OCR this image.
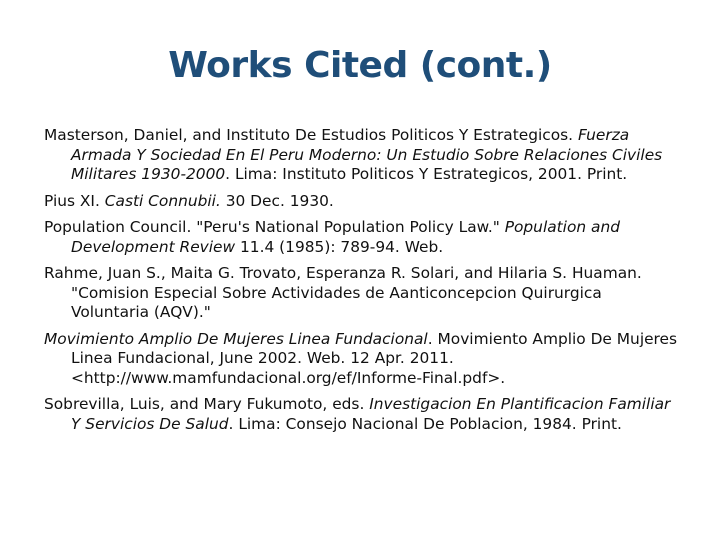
Works Cited (cont.)

Masterson, Daniel, and Instituto De Estudios Politicos Y Estrategicos. Fuerza Armada Y Sociedad En El Peru Moderno: Un Estudio Sobre Relaciones Civiles Militares 1930-2000. Lima: Instituto Politicos Y Estrategicos, 2001. Print.

Pius XI. Casti Connubii. 30 Dec. 1930.

Population Council. "Peru's National Population Policy Law." Population and Development Review 11.4 (1985): 789-94. Web.

Rahme, Juan S., Maita G. Trovato, Esperanza R. Solari, and Hilaria S. Huaman. "Comision Especial Sobre Actividades de Aanticoncepcion Quirurgica Voluntaria (AQV)."

Movimiento Amplio De Mujeres Linea Fundacional. Movimiento Amplio De Mujeres Linea Fundacional, June 2002. Web. 12 Apr. 2011. <http://www.mamfundacional.org/ef/Informe-Final.pdf>.

Sobrevilla, Luis, and Mary Fukumoto, eds. Investigacion En Plantificacion Familiar Y Servicios De Salud. Lima: Consejo Nacional De Poblacion, 1984. Print.
